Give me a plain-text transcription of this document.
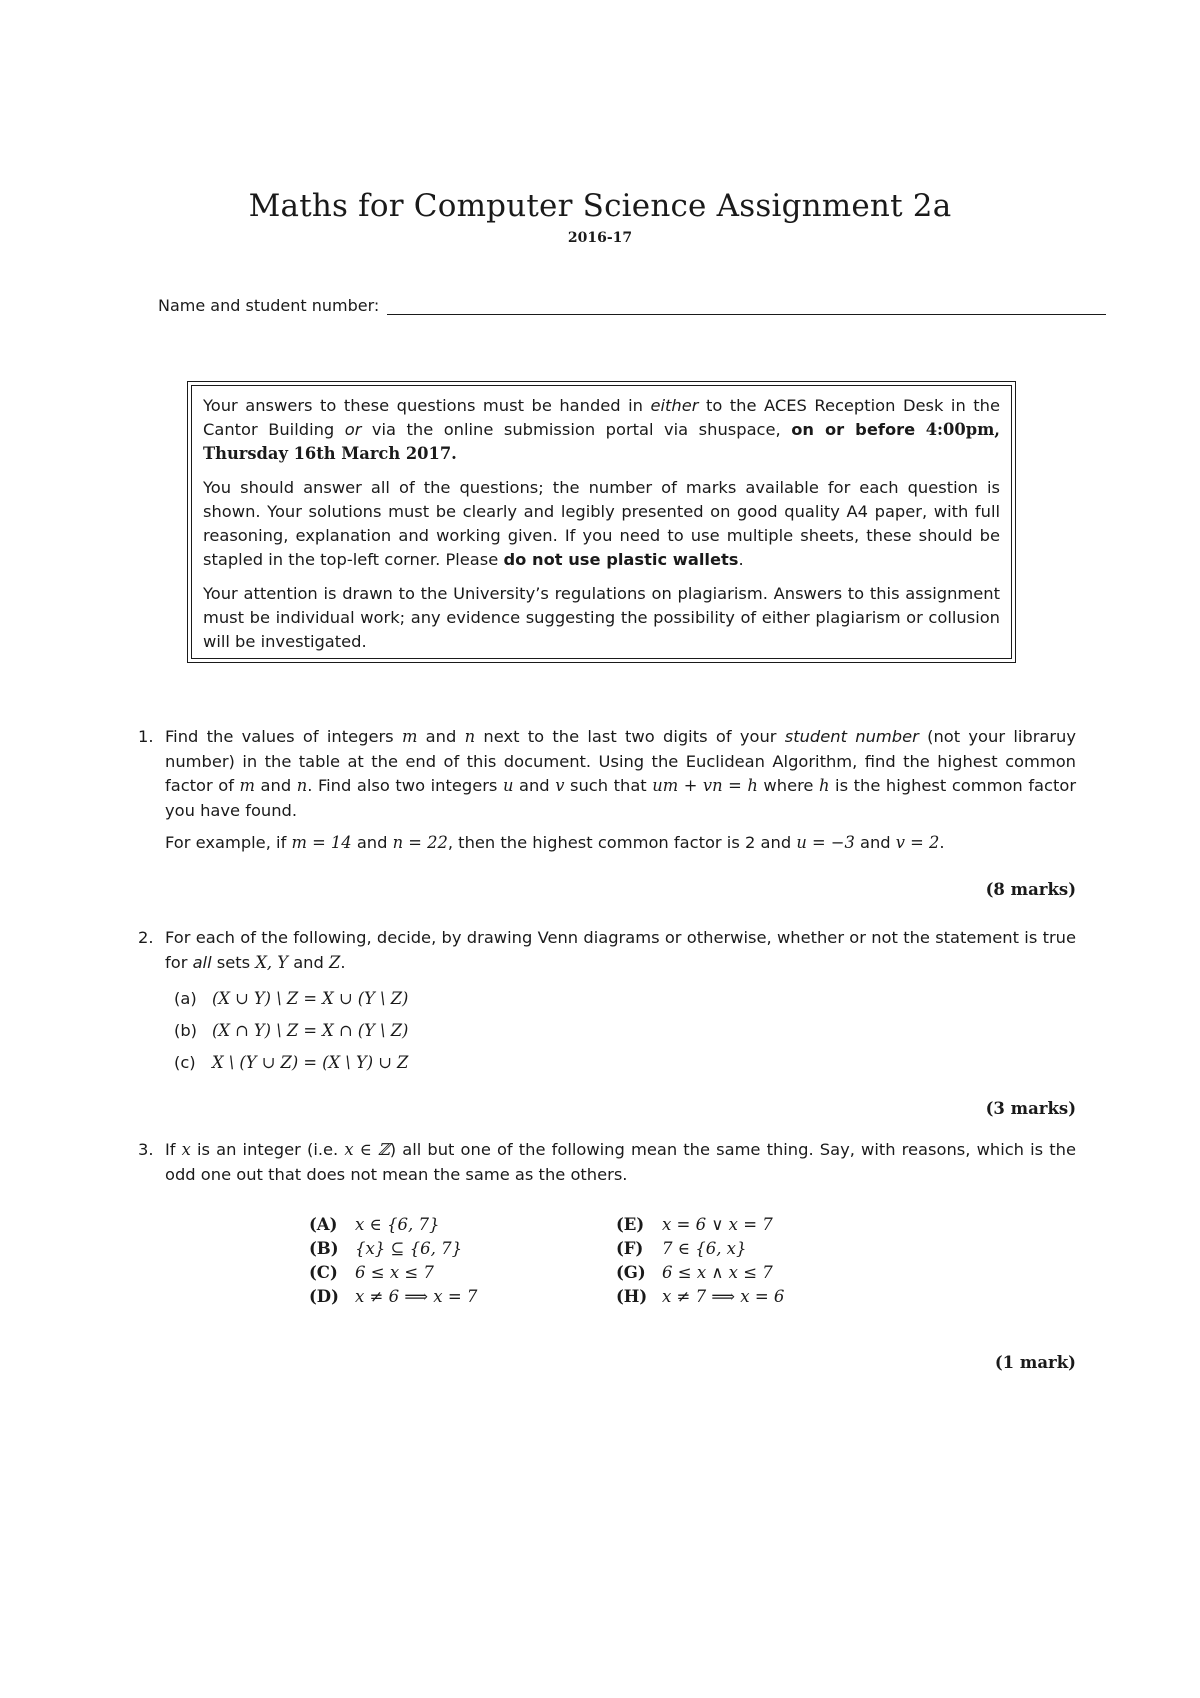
Maths for Computer Science Assignment 2a
2016-17
Name and student number:

Your answers to these questions must be handed in either to the ACES Reception Desk in the Cantor Building or via the online submission portal via shuspace, on or before 4:00pm, Thursday 16th March 2017.

You should answer all of the questions; the number of marks available for each question is shown. Your solutions must be clearly and legibly presented on good quality A4 paper, with full reasoning, explanation and working given. If you need to use multiple sheets, these should be stapled in the top-left corner. Please do not use plastic wallets.

Your attention is drawn to the University’s regulations on plagiarism. Answers to this assignment must be individual work; any evidence suggesting the possibility of either plagiarism or collusion will be investigated.

1. Find the values of integers m and n next to the last two digits of your student number (not your libraruy number) in the table at the end of this document. Using the Euclidean Algorithm, find the highest common factor of m and n. Find also two integers u and v such that um + vn = h where h is the highest common factor you have found.

For example, if m = 14 and n = 22, then the highest common factor is 2 and u = −3 and v = 2.

(8 marks)
2. For each of the following, decide, by drawing Venn diagrams or otherwise, whether or not the statement is true for all sets X, Y and Z.

(a) (X ∪ Y) \ Z = X ∪ (Y \ Z)
(b) (X ∩ Y) \ Z = X ∩ (Y \ Z)
(c)	X \ (Y ∪ Z) = (X \ Y) ∪ Z
(3 marks)
3. If x is an integer (i.e. x ∈ ℤ) all but one of the following mean the same thing. Say, with reasons, which is the odd one out that does not mean the same as the others.

(A) x ∈ {6, 7}
(B) {x} ⊆ {6, 7}
(C) 6 ≤ x ≤ 7
(D) x ≠ 6 ⟹ x = 7
(E) x = 6 ∨ x = 7
(F) 7 ∈ {6, x}
(G) 6 ≤ x ∧ x ≤ 7
(H) x ≠ 7 ⟹ x = 6
(1 mark)
